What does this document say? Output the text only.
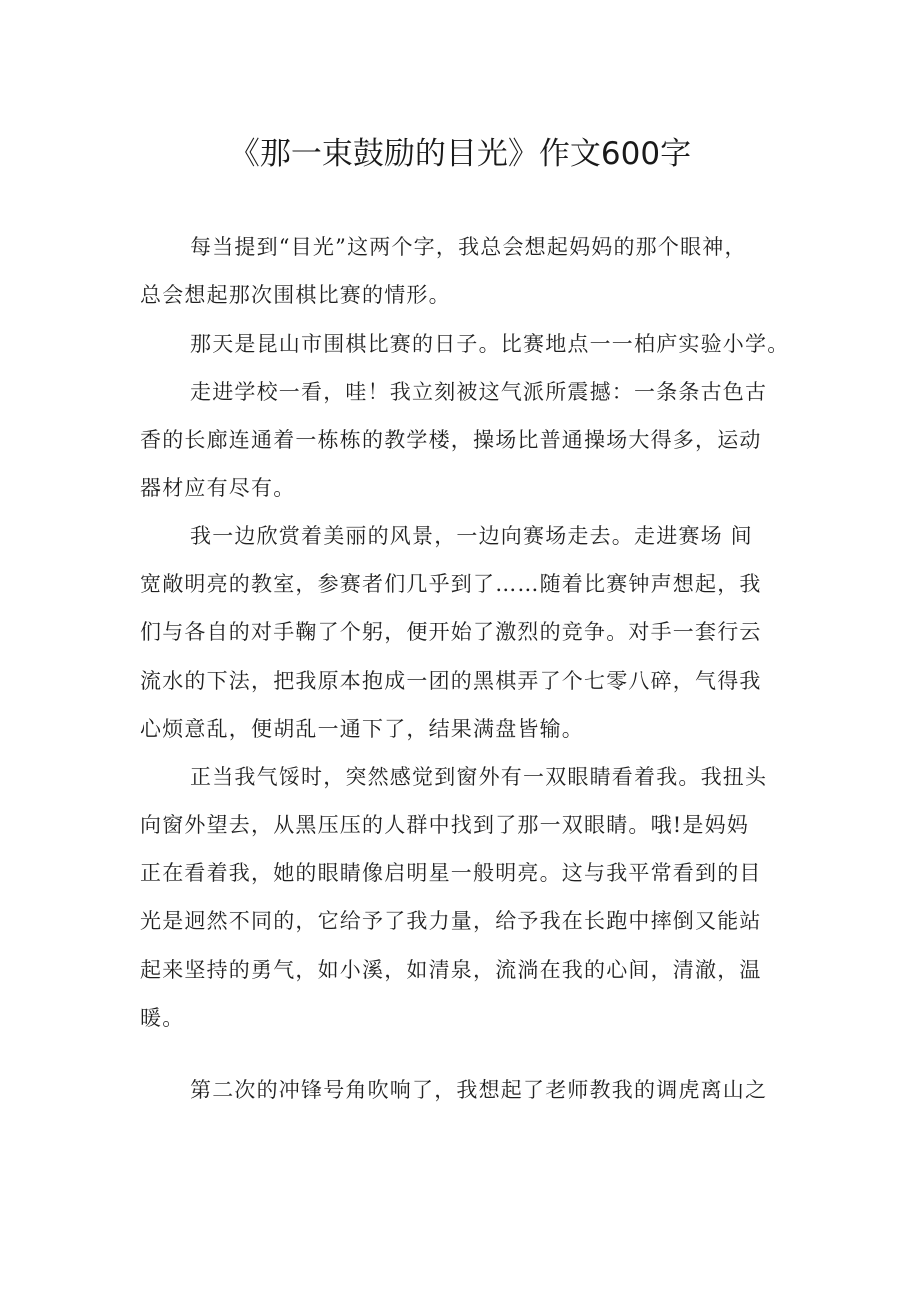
《那一束鼓励的目光》作文600字

每当提到“目光”这两个字，我总会想起妈妈的那个眼神，

总会想起那次围棋比赛的情形。

那天是昆山市围棋比赛的日子。比赛地点一一柏庐实验小学。

走进学校一看，哇！我立刻被这气派所震撼：一条条古色古

香的长廊连通着一栋栋的教学楼，操场比普通操场大得多，运动

器材应有尽有。

我一边欣赏着美丽的风景，一边向赛场走去。走进赛场 间

宽敞明亮的教室，参赛者们几乎到了……随着比赛钟声想起，我

们与各自的对手鞠了个躬，便开始了激烈的竞争。对手一套行云

流水的下法，把我原本抱成一团的黑棋弄了个七零八碎，气得我

心烦意乱，便胡乱一通下了，结果满盘皆输。

正当我气馁时，突然感觉到窗外有一双眼睛看着我。我扭头

向窗外望去，从黑压压的人群中找到了那一双眼睛。哦!是妈妈

正在看着我，她的眼睛像启明星一般明亮。这与我平常看到的目

光是迥然不同的，它给予了我力量，给予我在长跑中摔倒又能站

起来坚持的勇气，如小溪，如清泉，流淌在我的心间，清澈，温

暖。

第二次的冲锋号角吹响了，我想起了老师教我的调虎离山之
